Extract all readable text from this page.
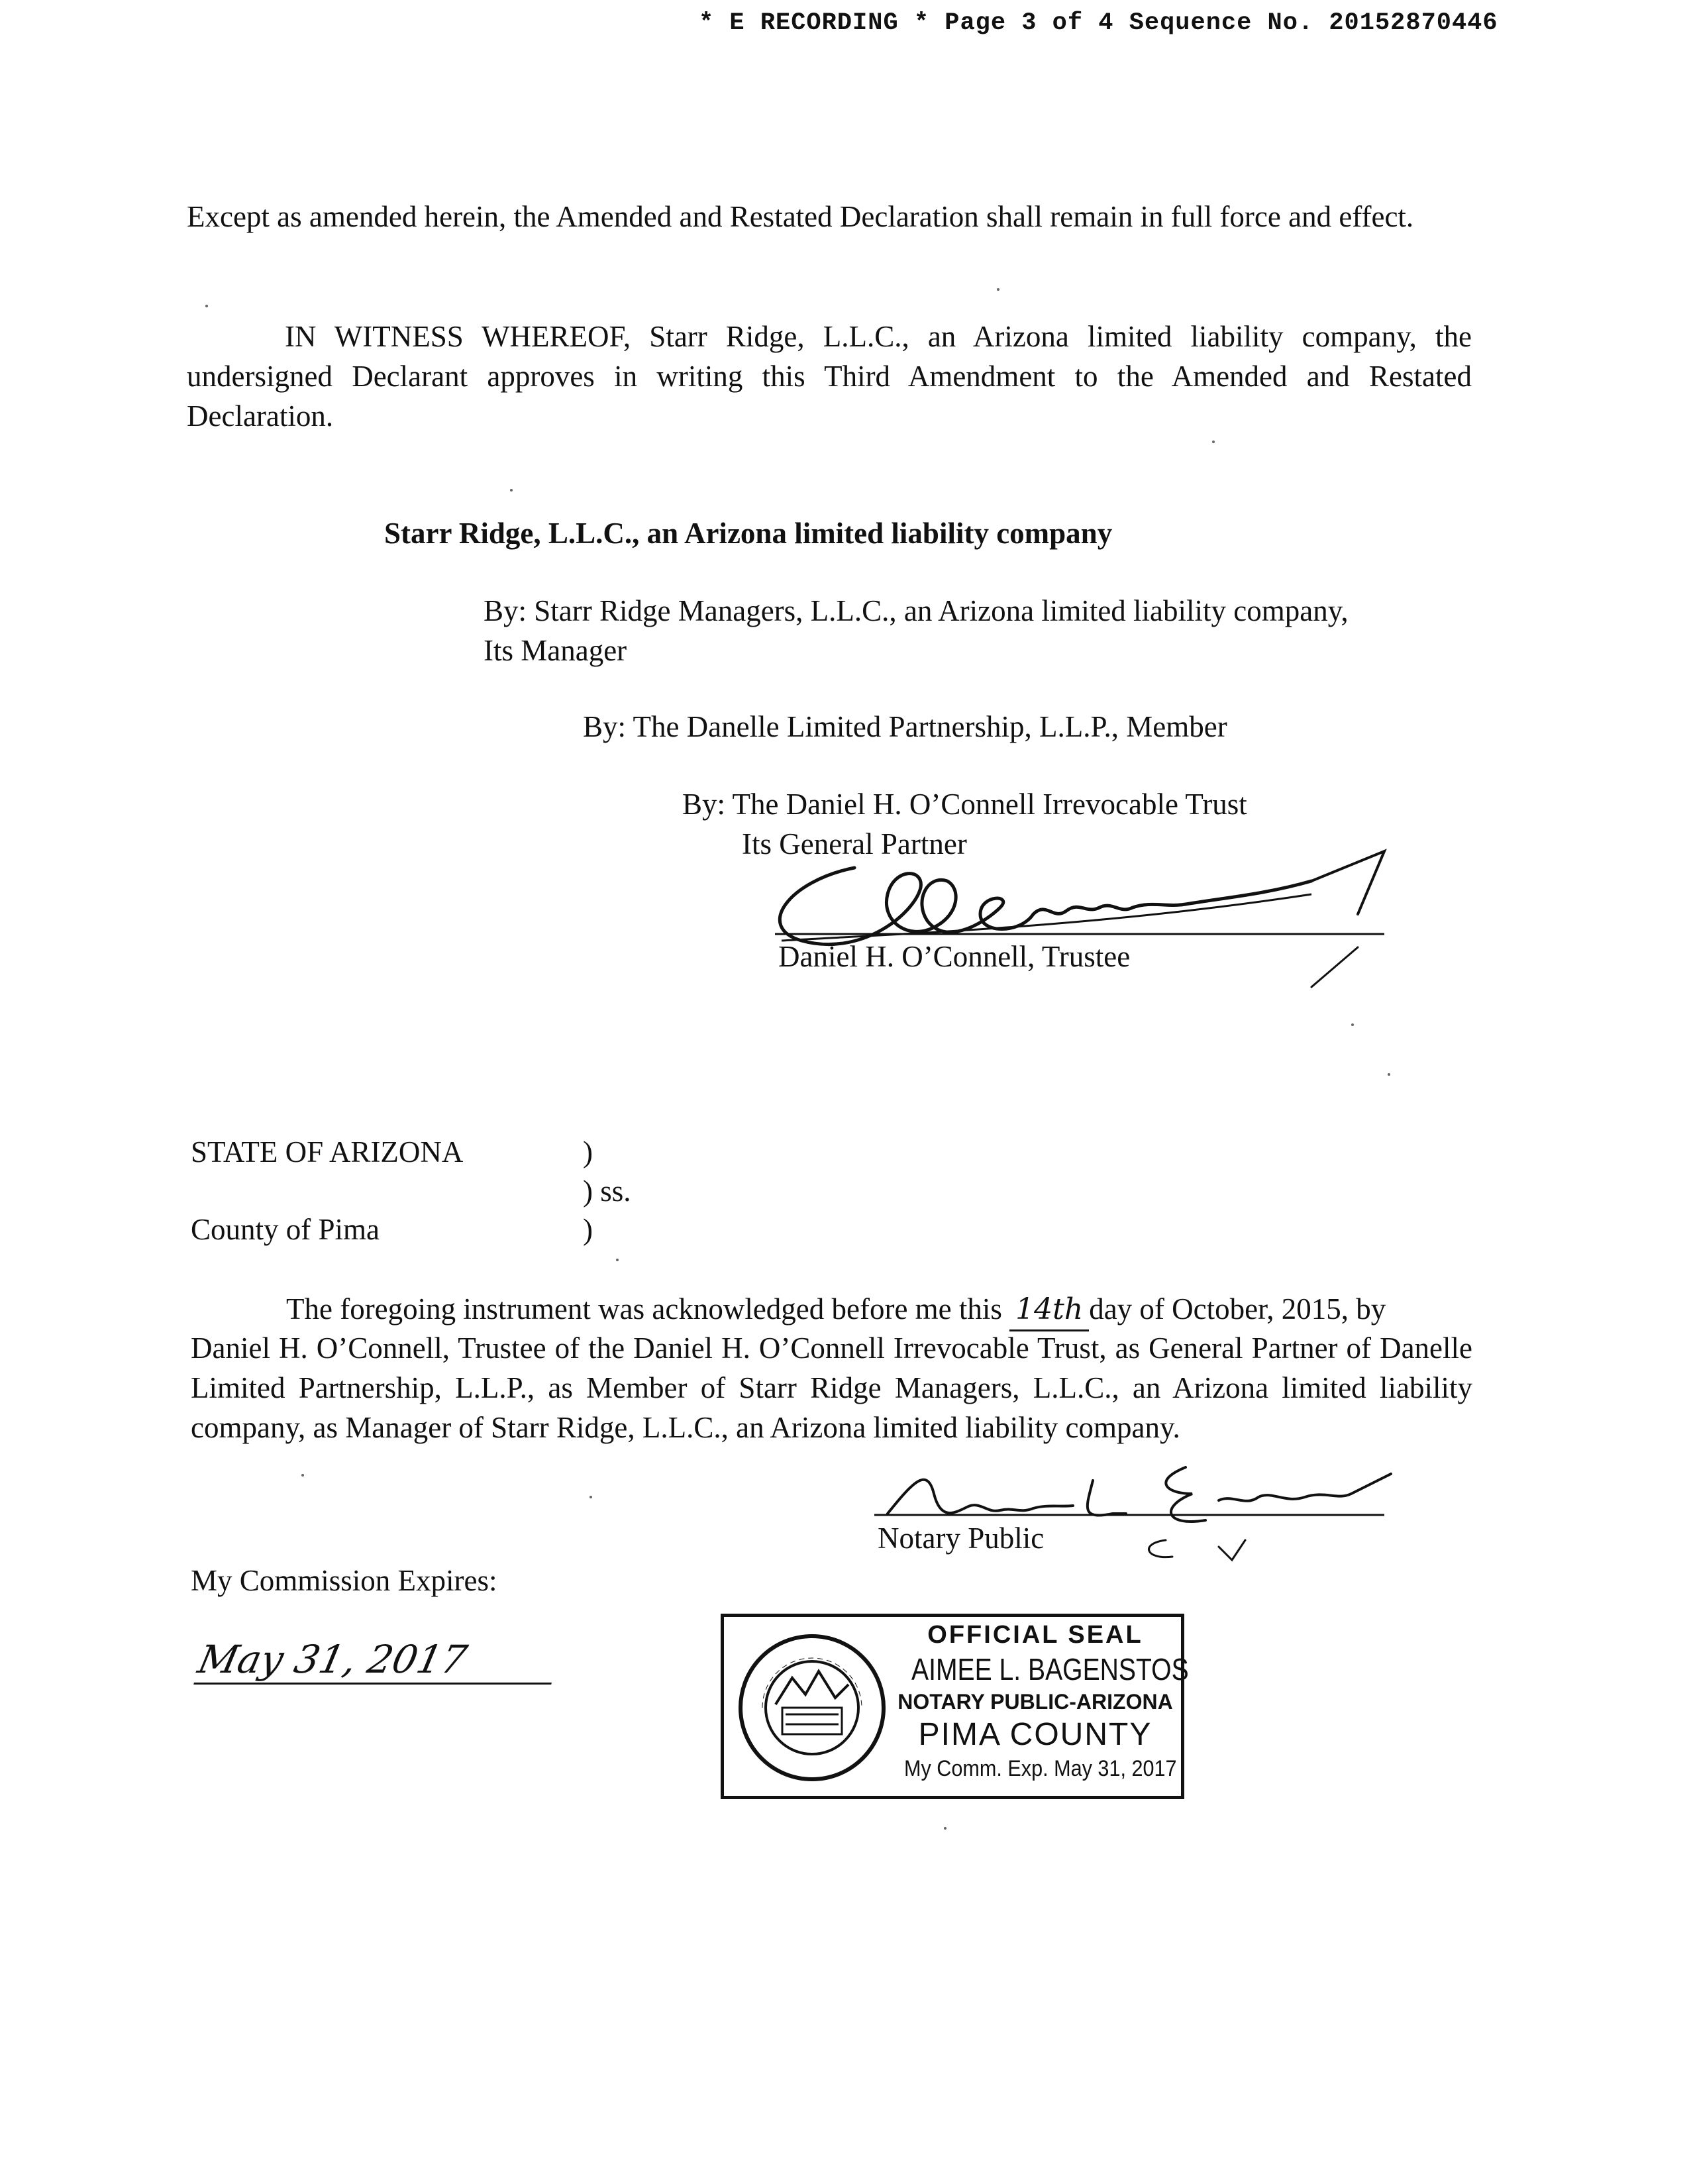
* E RECORDING * Page 3 of 4 Sequence No. 20152870446
Except as amended herein, the Amended and Restated Declaration shall remain in full force and effect.
IN WITNESS WHEREOF, Starr Ridge, L.L.C., an Arizona limited liability company, the undersigned Declarant approves in writing this Third Amendment to the Amended and Restated Declaration.
Starr Ridge, L.L.C., an Arizona limited liability company
By: Starr Ridge Managers, L.L.C., an Arizona limited liability company,
Its Manager
By: The Danelle Limited Partnership, L.L.P., Member
By: The Daniel H. O’Connell Irrevocable Trust
Its General Partner
Daniel H. O’Connell, Trustee
STATE OF ARIZONA	)
) ss.
County of Pima	)
The foregoing instrument was acknowledged before me this 14th day of October, 2015, by
Daniel H. O’Connell, Trustee of the Daniel H. O’Connell Irrevocable Trust, as General Partner of Danelle Limited Partnership, L.L.P., as Member of Starr Ridge Managers, L.L.C., an Arizona limited liability company, as Manager of Starr Ridge, L.L.C., an Arizona limited liability company.
Notary Public
My Commission Expires:
May 31, 2017
OFFICIAL SEAL
AIMEE L. BAGENSTOS
NOTARY PUBLIC-ARIZONA
PIMA COUNTY
My Comm. Exp. May 31, 2017
